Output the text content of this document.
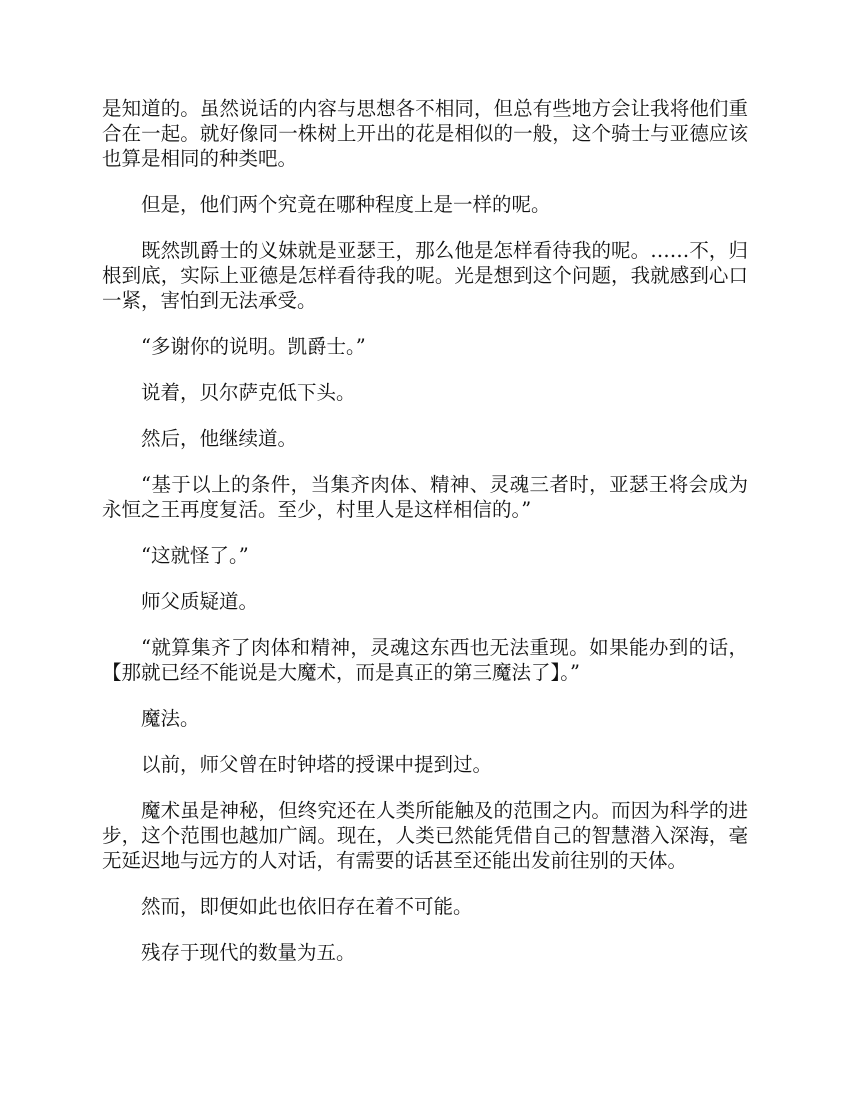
是知道的。虽然说话的内容与思想各不相同，但总有些地方会让我将他们重合在一起。就好像同一株树上开出的花是相似的一般，这个骑士与亚德应该也算是相同的种类吧。

但是，他们两个究竟在哪种程度上是一样的呢。

既然凯爵士的义妹就是亚瑟王，那么他是怎样看待我的呢。……不，归根到底，实际上亚德是怎样看待我的呢。光是想到这个问题，我就感到心口一紧，害怕到无法承受。

“多谢你的说明。凯爵士。”

说着，贝尔萨克低下头。

然后，他继续道。

“基于以上的条件，当集齐肉体、精神、灵魂三者时，亚瑟王将会成为永恒之王再度复活。至少，村里人是这样相信的。”

“这就怪了。”

师父质疑道。

“就算集齐了肉体和精神，灵魂这东西也无法重现。如果能办到的话，【那就已经不能说是大魔术，而是真正的第三魔法了】。”

魔法。

以前，师父曾在时钟塔的授课中提到过。

魔术虽是神秘，但终究还在人类所能触及的范围之内。而因为科学的进步，这个范围也越加广阔。现在，人类已然能凭借自己的智慧潜入深海，毫无延迟地与远方的人对话，有需要的话甚至还能出发前往别的天体。

然而，即便如此也依旧存在着不可能。

残存于现代的数量为五。
